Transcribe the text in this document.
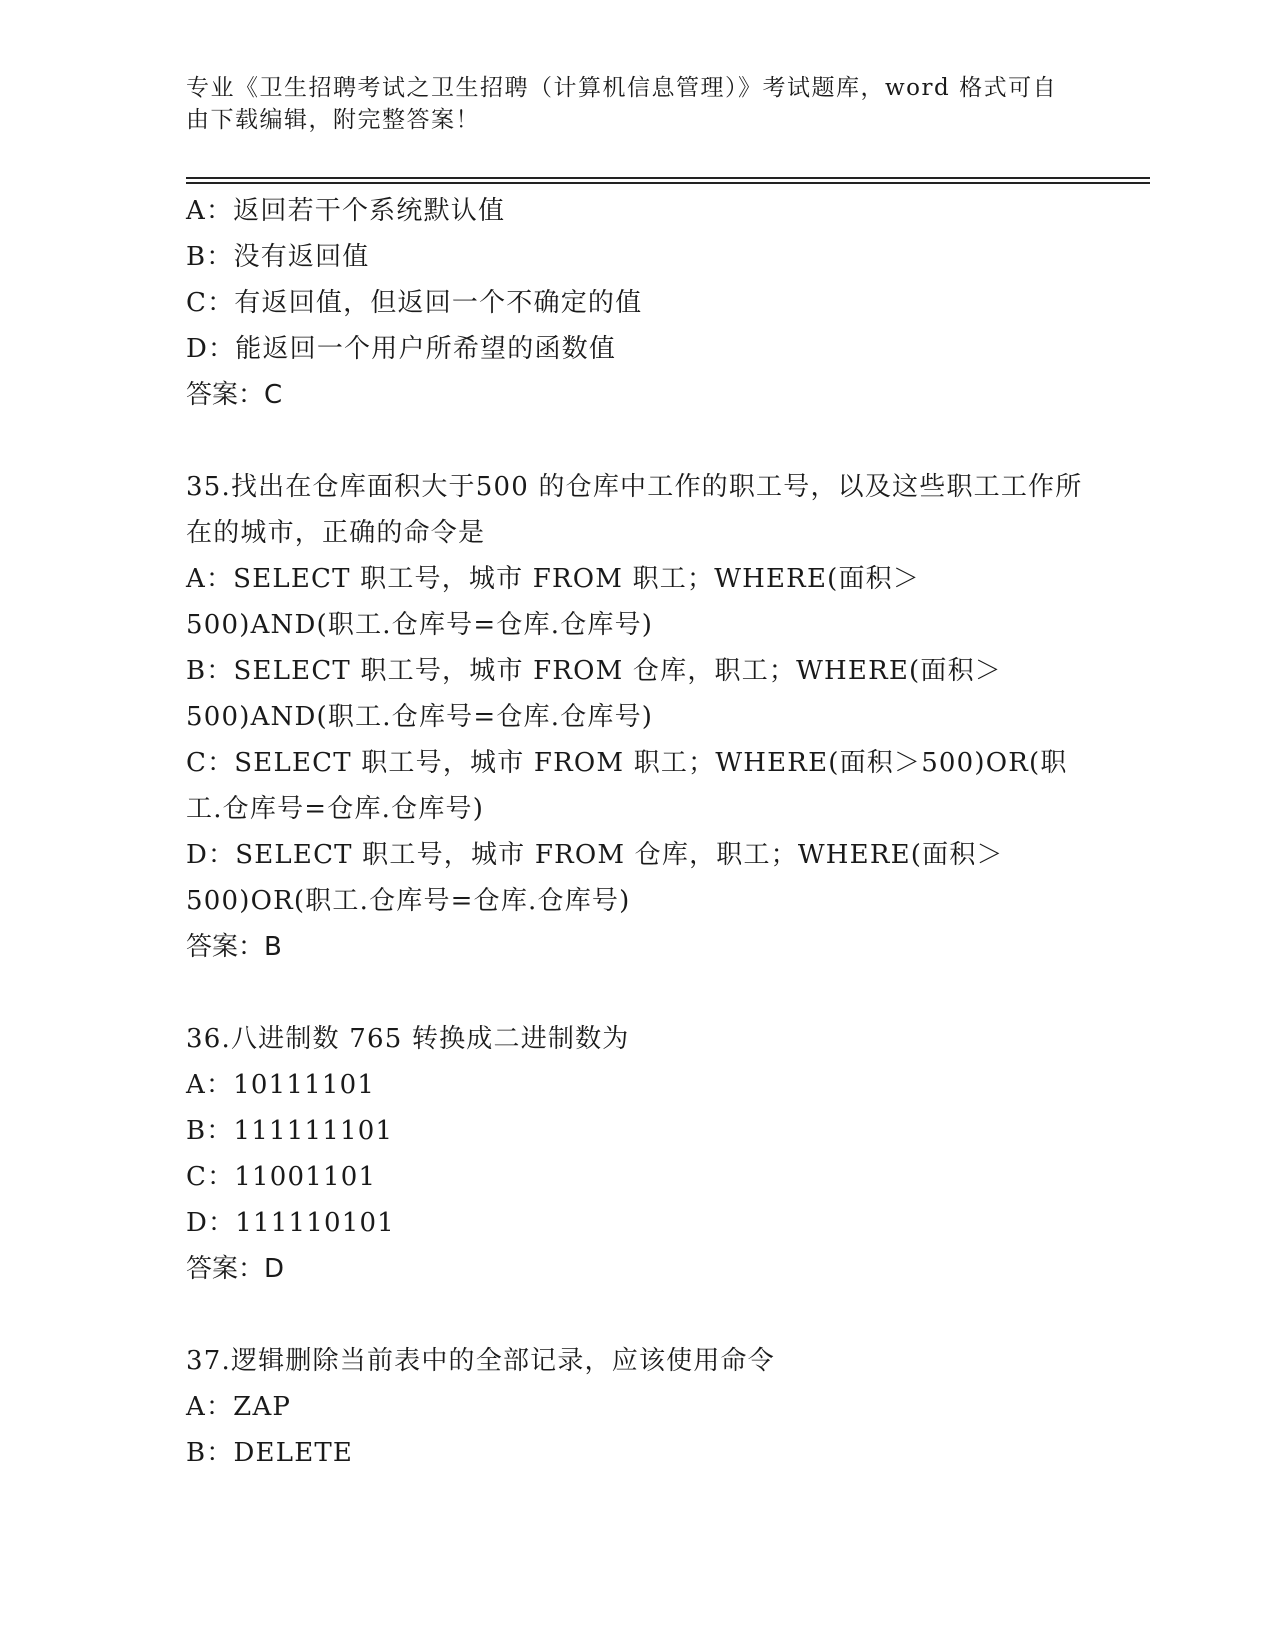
专业《卫生招聘考试之卫生招聘（计算机信息管理）》考试题库，word 格式可自由下载编辑，附完整答案！
A：返回若干个系统默认值
B：没有返回值
C：有返回值，但返回一个不确定的值
D：能返回一个用户所希望的函数值
答案：C
35.找出在仓库面积大于500 的仓库中工作的职工号，以及这些职工工作所在的城市，正确的命令是
A：SELECT 职工号，城市 FROM 职工；WHERE(面积＞500)AND(职工.仓库号=仓库.仓库号)
B：SELECT 职工号，城市 FROM 仓库，职工；WHERE(面积＞500)AND(职工.仓库号=仓库.仓库号)
C：SELECT 职工号，城市 FROM 职工；WHERE(面积＞500)OR(职工.仓库号=仓库.仓库号)
D：SELECT 职工号，城市 FROM 仓库，职工；WHERE(面积＞500)OR(职工.仓库号=仓库.仓库号)
答案：B
36.八进制数 765 转换成二进制数为
A：10111101
B：111111101
C：11001101
D：111110101
答案：D
37.逻辑删除当前表中的全部记录，应该使用命令
A：ZAP
B：DELETE
